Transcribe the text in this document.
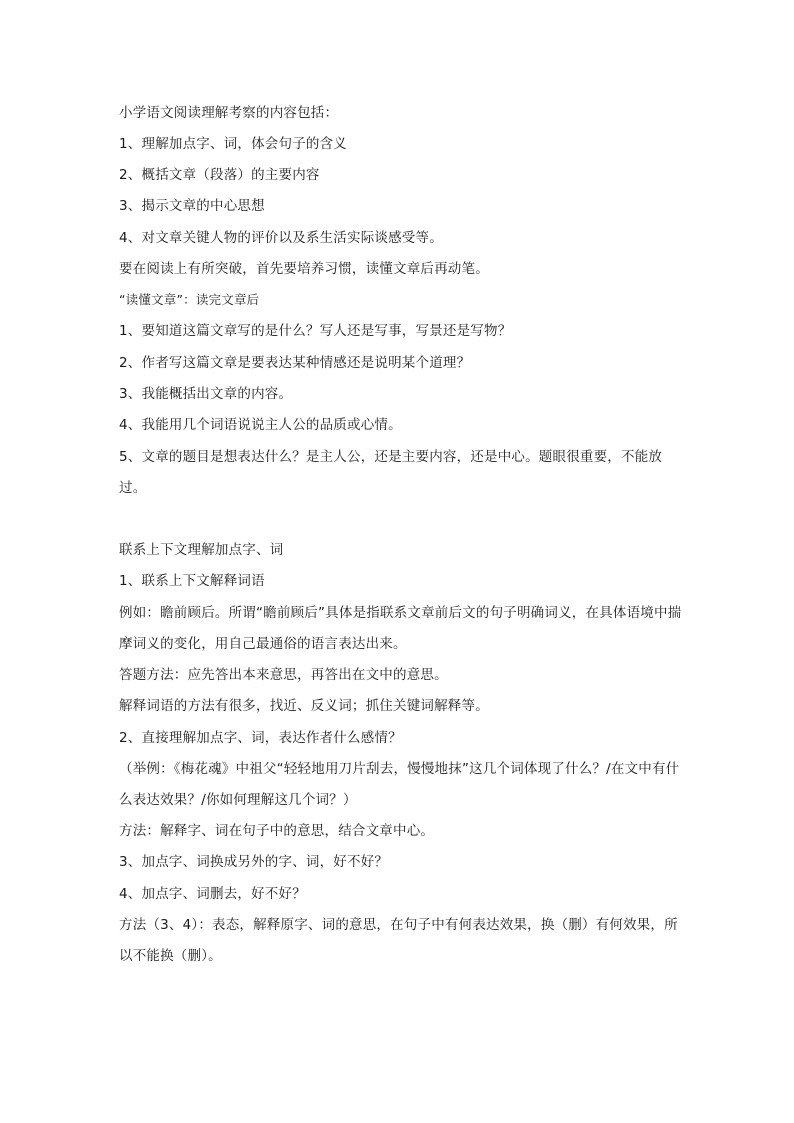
小学语文阅读理解考察的内容包括：
1、理解加点字、词，体会句子的含义
2、概括文章（段落）的主要内容
3、揭示文章的中心思想
4、对文章关键人物的评价以及系生活实际谈感受等。
要在阅读上有所突破，首先要培养习惯，读懂文章后再动笔。
“读懂文章”：读完文章后
1、要知道这篇文章写的是什么？写人还是写事，写景还是写物？
2、作者写这篇文章是要表达某种情感还是说明某个道理？
3、我能概括出文章的内容。
4、我能用几个词语说说主人公的品质或心情。
5、文章的题目是想表达什么？是主人公，还是主要内容，还是中心。题眼很重要，不能放过。
联系上下文理解加点字、词
1、联系上下文解释词语
例如：瞻前顾后。所谓“瞻前顾后”具体是指联系文章前后文的句子明确词义，在具体语境中揣摩词义的变化，用自己最通俗的语言表达出来。
答题方法：应先答出本来意思，再答出在文中的意思。
解释词语的方法有很多，找近、反义词；抓住关键词解释等。
2、直接理解加点字、词，表达作者什么感情？
（举例：《梅花魂》中祖父“轻轻地用刀片刮去，慢慢地抹”这几个词体现了什么？/在文中有什么表达效果？/你如何理解这几个词？）
方法：解释字、词在句子中的意思，结合文章中心。
3、加点字、词换成另外的字、词，好不好？
4、加点字、词删去，好不好？
方法（3、4）：表态，解释原字、词的意思，在句子中有何表达效果，换（删）有何效果，所以不能换（删）。
